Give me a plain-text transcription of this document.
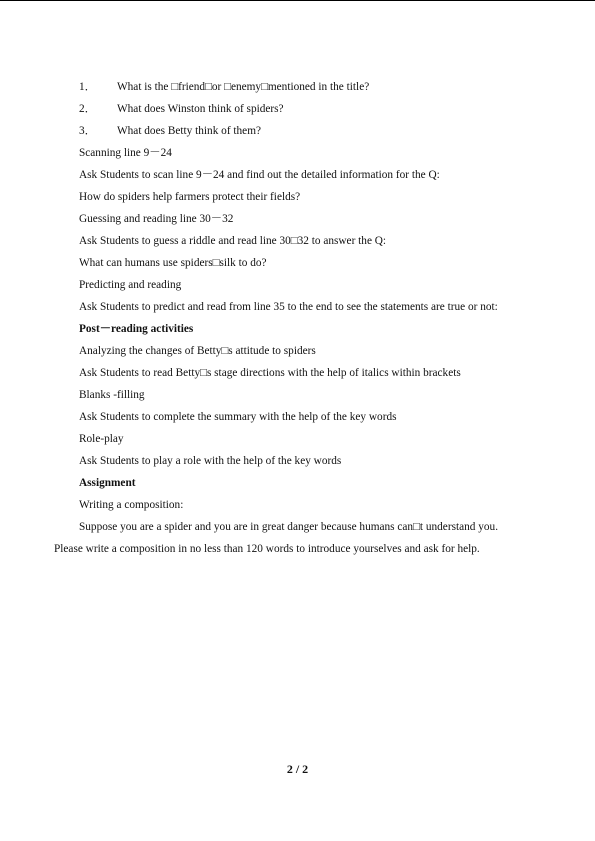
1． What is the □friend□or □enemy□mentioned in the title?
2． What does Winston think of spiders?
3． What does Betty think of them?
Scanning line 9－24
Ask Students to scan line 9－24 and find out the detailed information for the Q:
How do spiders help farmers protect their fields?
Guessing and reading line 30－32
Ask Students to guess a riddle and read line 30□32 to answer the Q:
What can humans use spiders□silk to do?
Predicting and reading
Ask Students to predict and read from line 35 to the end to see the statements are true or not:
Post－reading activities
Analyzing the changes of Betty□s attitude to spiders
Ask Students to read Betty□s stage directions with the help of italics within brackets
Blanks -filling
Ask Students to complete the summary with the help of the key words
Role-play
Ask Students to play a role with the help of the key words
Assignment
Writing a composition:
Suppose you are a spider and you are in great danger because humans can□t understand you.
Please write a composition in no less than 120 words to introduce yourselves and ask for help.
2 / 2
